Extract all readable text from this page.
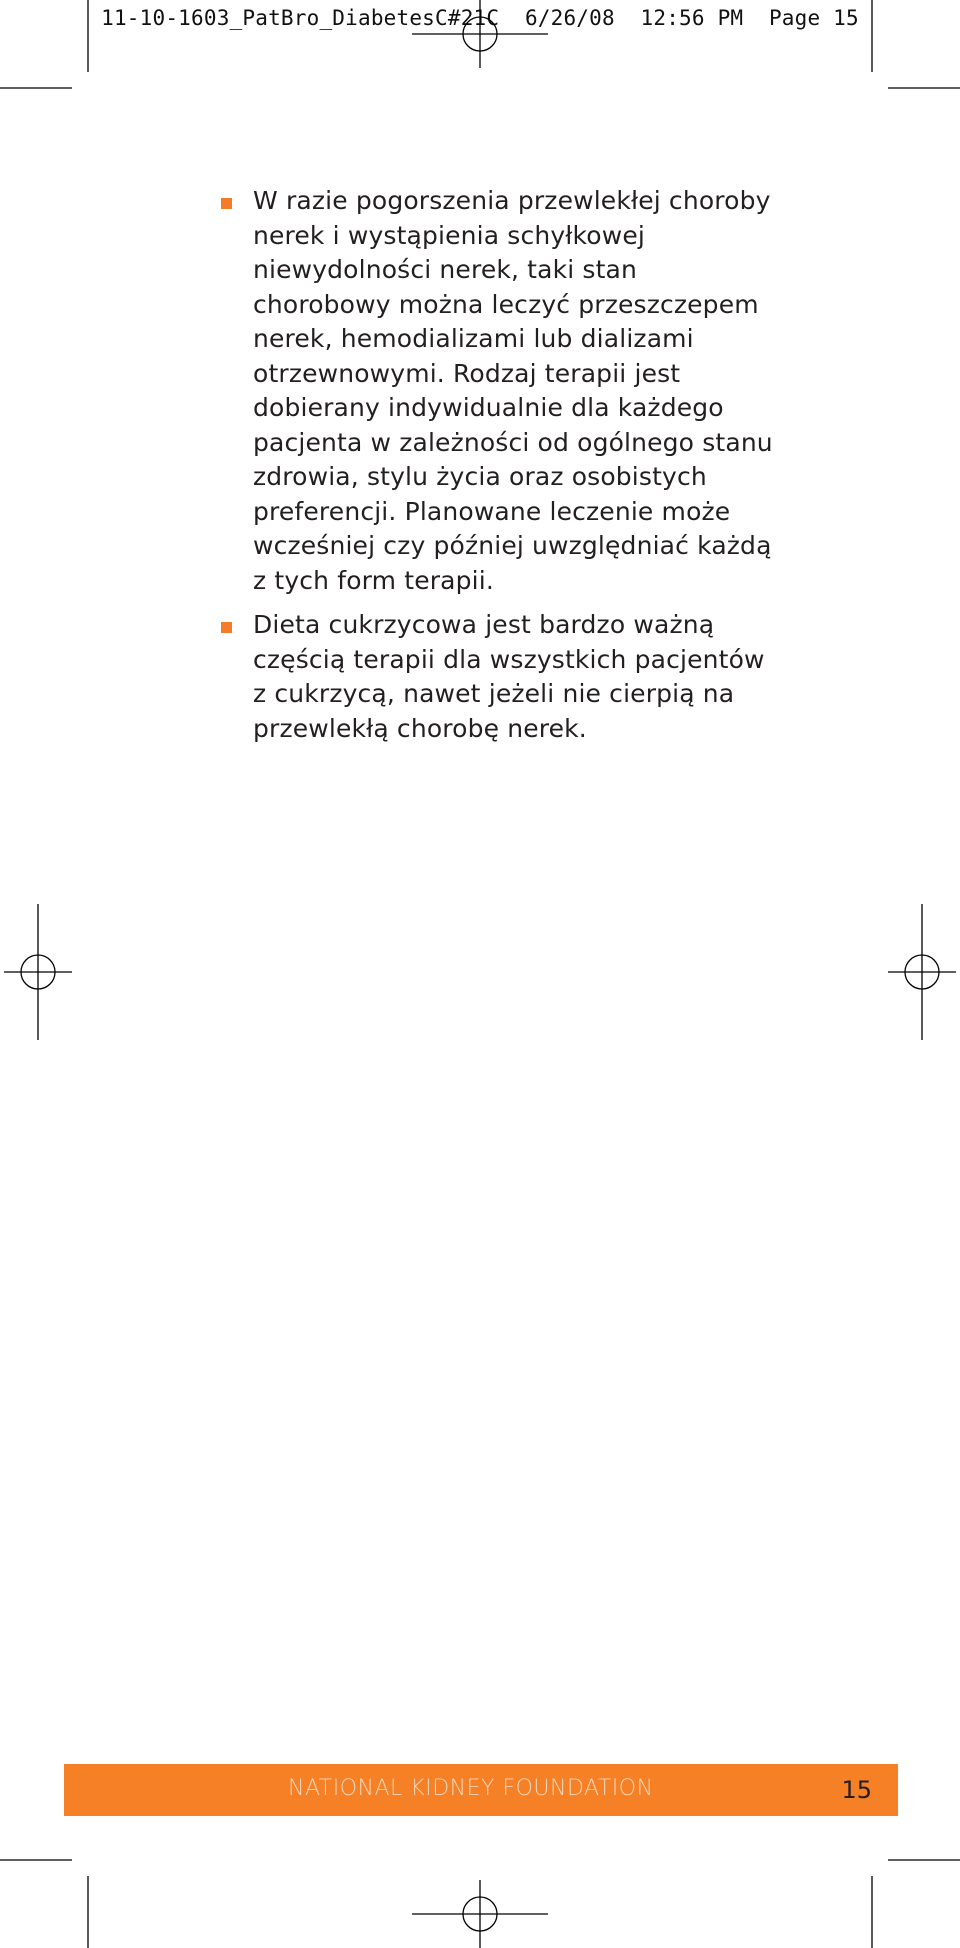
11-10-1603_PatBro_DiabetesC#21C 6/26/08 12:56 PM Page 15
W razie pogorszenia przewlekłej choroby nerek i wystąpienia schyłkowej niewydolności nerek, taki stan chorobowy można leczyć przeszczepem nerek, hemodializami lub dializami otrzewnowymi. Rodzaj terapii jest dobierany indywidualnie dla każdego pacjenta w zależności od ogólnego stanu zdrowia, stylu życia oraz osobistych preferencji. Planowane leczenie może wcześniej czy później uwzględniać każdą z tych form terapii.
Dieta cukrzycowa jest bardzo ważną częścią terapii dla wszystkich pacjentów z cukrzycą, nawet jeżeli nie cierpią na przewlekłą chorobę nerek.
NATIONAL KIDNEY FOUNDATION	15
